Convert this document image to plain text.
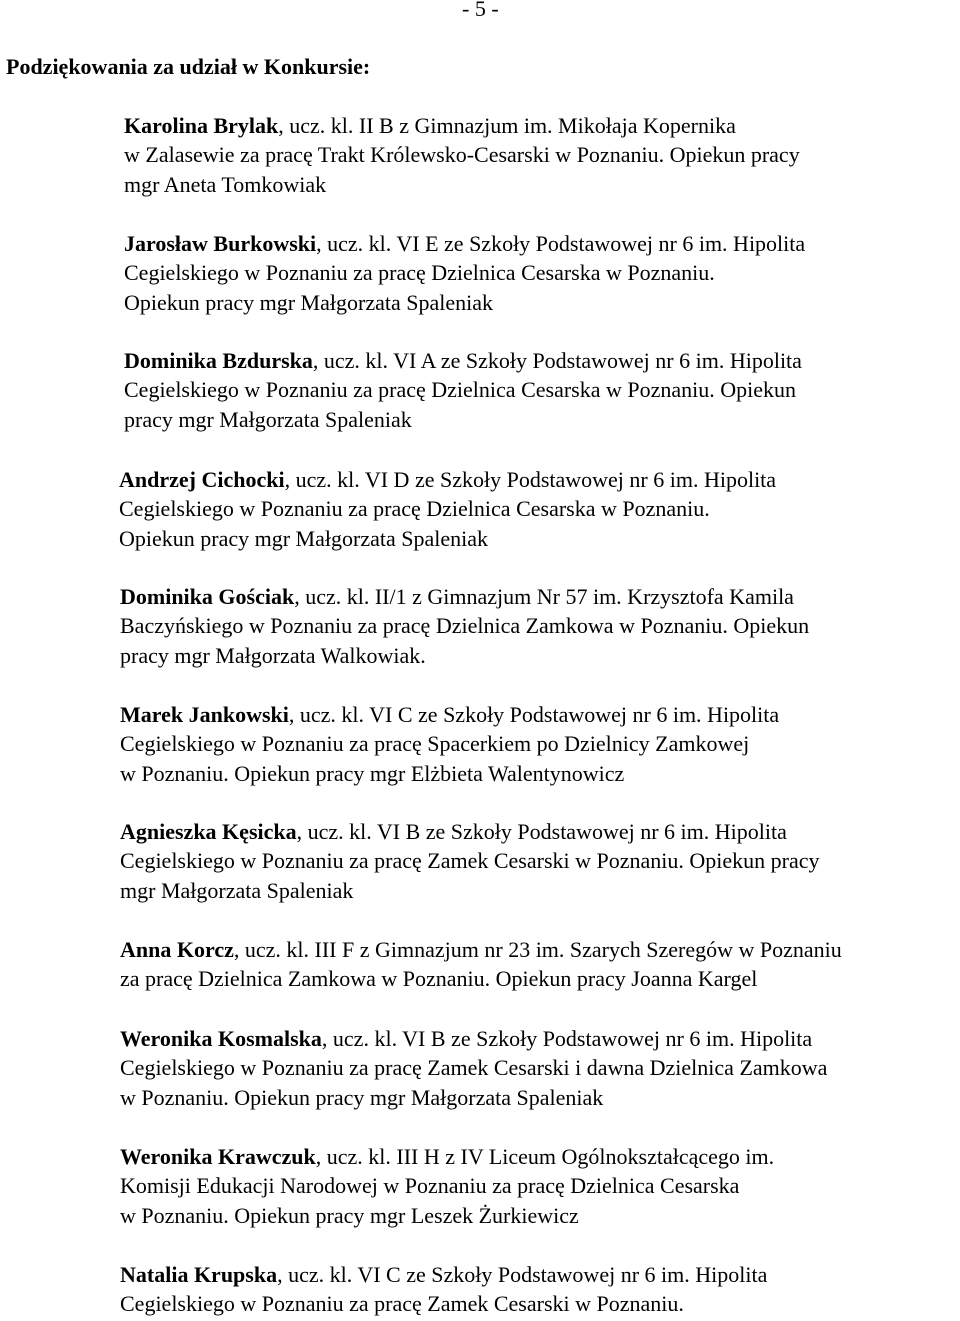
- 5 -
Podziękowania za udział w Konkursie:
Karolina Brylak, ucz. kl. II B z Gimnazjum im. Mikołaja Kopernika
w Zalasewie za pracę Trakt Królewsko-Cesarski w Poznaniu. Opiekun pracy
mgr Aneta Tomkowiak
Jarosław Burkowski, ucz. kl. VI E ze Szkoły Podstawowej nr 6 im. Hipolita
Cegielskiego w Poznaniu za pracę Dzielnica Cesarska w Poznaniu.
Opiekun pracy mgr Małgorzata Spaleniak
Dominika Bzdurska, ucz. kl. VI A ze Szkoły Podstawowej nr 6 im. Hipolita
Cegielskiego w Poznaniu za pracę Dzielnica Cesarska w Poznaniu. Opiekun
pracy mgr Małgorzata Spaleniak
Andrzej Cichocki, ucz. kl. VI D ze Szkoły Podstawowej nr 6 im. Hipolita
Cegielskiego w Poznaniu za pracę Dzielnica Cesarska w Poznaniu.
Opiekun pracy mgr Małgorzata Spaleniak
Dominika Gościak, ucz. kl. II/1 z Gimnazjum Nr 57 im. Krzysztofa Kamila
Baczyńskiego w Poznaniu za pracę Dzielnica Zamkowa w Poznaniu. Opiekun
pracy mgr Małgorzata Walkowiak.
Marek Jankowski, ucz. kl. VI C ze Szkoły Podstawowej nr 6 im. Hipolita
Cegielskiego w Poznaniu za pracę Spacerkiem po Dzielnicy Zamkowej
w Poznaniu. Opiekun pracy mgr Elżbieta Walentynowicz
Agnieszka Kęsicka, ucz. kl. VI B ze Szkoły Podstawowej nr 6 im. Hipolita
Cegielskiego w Poznaniu za pracę Zamek Cesarski w Poznaniu. Opiekun pracy
mgr Małgorzata Spaleniak
Anna Korcz, ucz. kl. III F z Gimnazjum nr 23 im. Szarych Szeregów w Poznaniu
za pracę Dzielnica Zamkowa w Poznaniu. Opiekun pracy Joanna Kargel
Weronika Kosmalska, ucz. kl. VI B ze Szkoły Podstawowej nr 6 im. Hipolita
Cegielskiego w Poznaniu za pracę Zamek Cesarski i dawna Dzielnica Zamkowa
w Poznaniu. Opiekun pracy mgr Małgorzata Spaleniak
Weronika Krawczuk, ucz. kl. III H z IV Liceum Ogólnokształcącego im.
Komisji Edukacji Narodowej w Poznaniu za pracę Dzielnica Cesarska
w Poznaniu. Opiekun pracy mgr Leszek Żurkiewicz
Natalia Krupska, ucz. kl. VI C ze Szkoły Podstawowej nr 6 im. Hipolita
Cegielskiego w Poznaniu za pracę Zamek Cesarski w Poznaniu.
